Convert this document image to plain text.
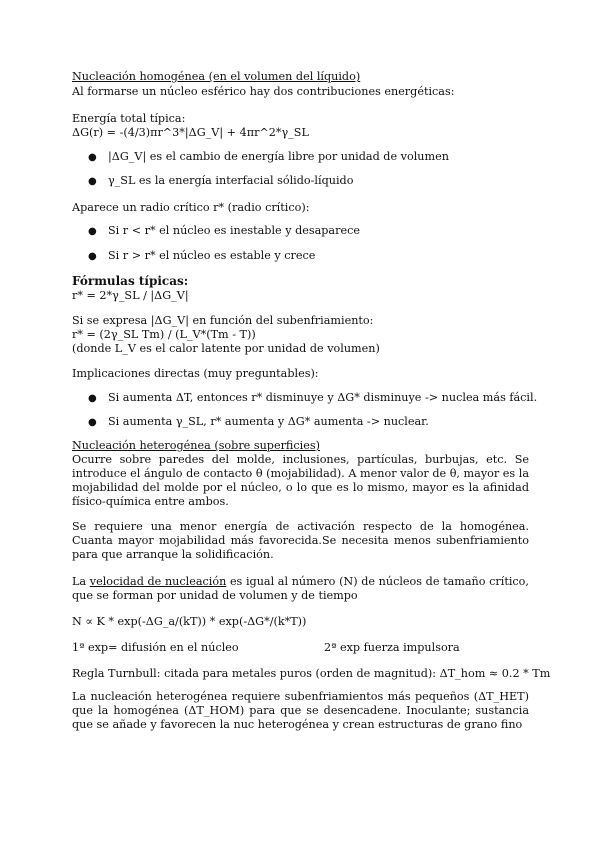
Nucleación homogénea (en el volumen del líquido)
Al formarse un núcleo esférico hay dos contribuciones energéticas:
Energía total típica:
ΔG(r) = -(4/3)πr^3*|ΔG_V| + 4πr^2*γ_SL
● |ΔG_V| es el cambio de energía libre por unidad de volumen
● γ_SL es la energía interfacial sólido-líquido
Aparece un radio crítico r* (radio crítico):
● Si r < r* el núcleo es inestable y desaparece
● Si r > r* el núcleo es estable y crece
Fórmulas típicas:
r* = 2*γ_SL / |ΔG_V|
Si se expresa |ΔG_V| en función del subenfriamiento:
r* = (2γ_SL Tm) / (L_V*(Tm - T))
(donde L_V es el calor latente por unidad de volumen)
Implicaciones directas (muy preguntables):
● Si aumenta ΔT, entonces r* disminuye y ΔG* disminuye -> nuclea más fácil.
● Si aumenta γ_SL, r* aumenta y ΔG* aumenta -> nuclear.
Nucleación heterogénea (sobre superficies)
Ocurre sobre paredes del molde, inclusiones, partículas, burbujas, etc. Se introduce el ángulo de contacto θ (mojabilidad). A menor valor de θ, mayor es la mojabilidad del molde por el núcleo, o lo que es lo mismo, mayor es la afinidad físico-química entre ambos.
Se requiere una menor energía de activación respecto de la homogénea. Cuanta mayor mojabilidad más favorecida.Se necesita menos subenfriamiento para que arranque la solidificación.
La velocidad de nucleación es igual al número (N) de núcleos de tamaño crítico, que se forman por unidad de volumen y de tiempo
N ∝ K * exp(-ΔG_a/(kT)) * exp(-ΔG*/(k*T))
1ª exp= difusión en el núcleo	2ª exp fuerza impulsora
Regla Turnbull: citada para metales puros (orden de magnitud): ΔT_hom ≈ 0.2 * Tm
La nucleación heterogénea requiere subenfriamientos más pequeños (ΔT_HET) que la homogénea (ΔT_HOM) para que se desencadene. Inoculante; sustancia que se añade y favorecen la nuc heterogénea y crean estructuras de grano fino
